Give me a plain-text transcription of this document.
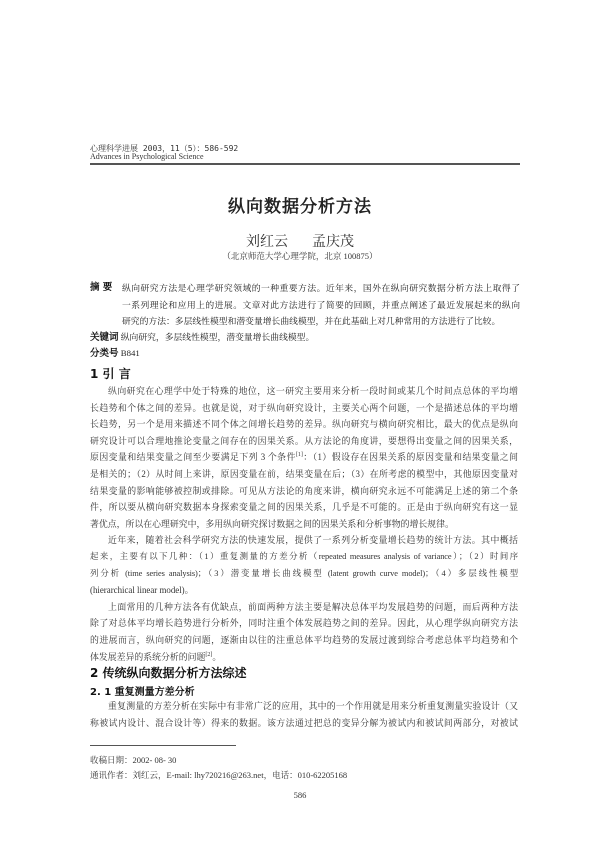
心理科学进展 2003，11（5）：586-592
Advances in Psychological Science
纵向数据分析方法
刘红云 孟庆茂
（北京师范大学心理学院，北京 100875）
摘 要	纵向研究方法是心理学研究领域的一种重要方法。近年来，国外在纵向研究数据分析方法上取得了
一系列理论和应用上的进展。文章对此方法进行了简要的回顾，并重点阐述了最近发展起来的纵向
研究的方法：多层线性模型和潜变量增长曲线模型，并在此基础上对几种常用的方法进行了比较。
关键词 纵向研究，多层线性模型，潜变量增长曲线模型。
分类号 B841
1 引 言
纵向研究在心理学中处于特殊的地位，这一研究主要用来分析一段时间或某几个时间点总体的平均增
长趋势和个体之间的差异。也就是说，对于纵向研究设计，主要关心两个问题，一个是描述总体的平均增
长趋势，另一个是用来描述不同个体之间增长趋势的差异。纵向研究与横向研究相比，最大的优点是纵向
研究设计可以合理地推论变量之间存在的因果关系。从方法论的角度讲，要想得出变量之间的因果关系，
原因变量和结果变量之间至少要满足下列 3 个条件[1]：（1）假设存在因果关系的原因变量和结果变量之间
是相关的；（2）从时间上来讲，原因变量在前，结果变量在后；（3）在所考虑的模型中，其他原因变量对
结果变量的影响能够被控制或排除。可见从方法论的角度来讲，横向研究永远不可能满足上述的第二个条
件，所以要从横向研究数据本身探索变量之间的因果关系，几乎是不可能的。正是由于纵向研究有这一显
著优点，所以在心理研究中，多用纵向研究探讨数据之间的因果关系和分析事物的增长规律。
近年来，随着社会科学研究方法的快速发展，提供了一系列分析变量增长趋势的统计方法。其中概括
起来，主要有以下几种：（1）重复测量的方差分析（repeated measures analysis of variance）；（2）时间序
列分析 (time series analysis)；（3）潜变量增长曲线模型 (latent growth curve model)；（4）多层线性模型
(hierarchical linear model)。
上面常用的几种方法各有优缺点，前面两种方法主要是解决总体平均发展趋势的问题，而后两种方法
除了对总体平均增长趋势进行分析外，同时注重个体发展趋势之间的差异。因此，从心理学纵向研究方法
的进展而言，纵向研究的问题，逐渐由以往的注重总体平均趋势的发展过渡到综合考虑总体平均趋势和个
体发展差异的系统分析的问题[2]。
2 传统纵向数据分析方法综述
2. 1 重复测量方差分析
重复测量的方差分析在实际中有非常广泛的应用，其中的一个作用就是用来分析重复测量实验设计（又
称被试内设计、混合设计等）得来的数据。该方法通过把总的变异分解为被试内和被试间两部分，对被试
收稿日期：2002- 08- 30
通讯作者：刘红云，E-mail: lhy720216@263.net，电话：010-62205168
586
